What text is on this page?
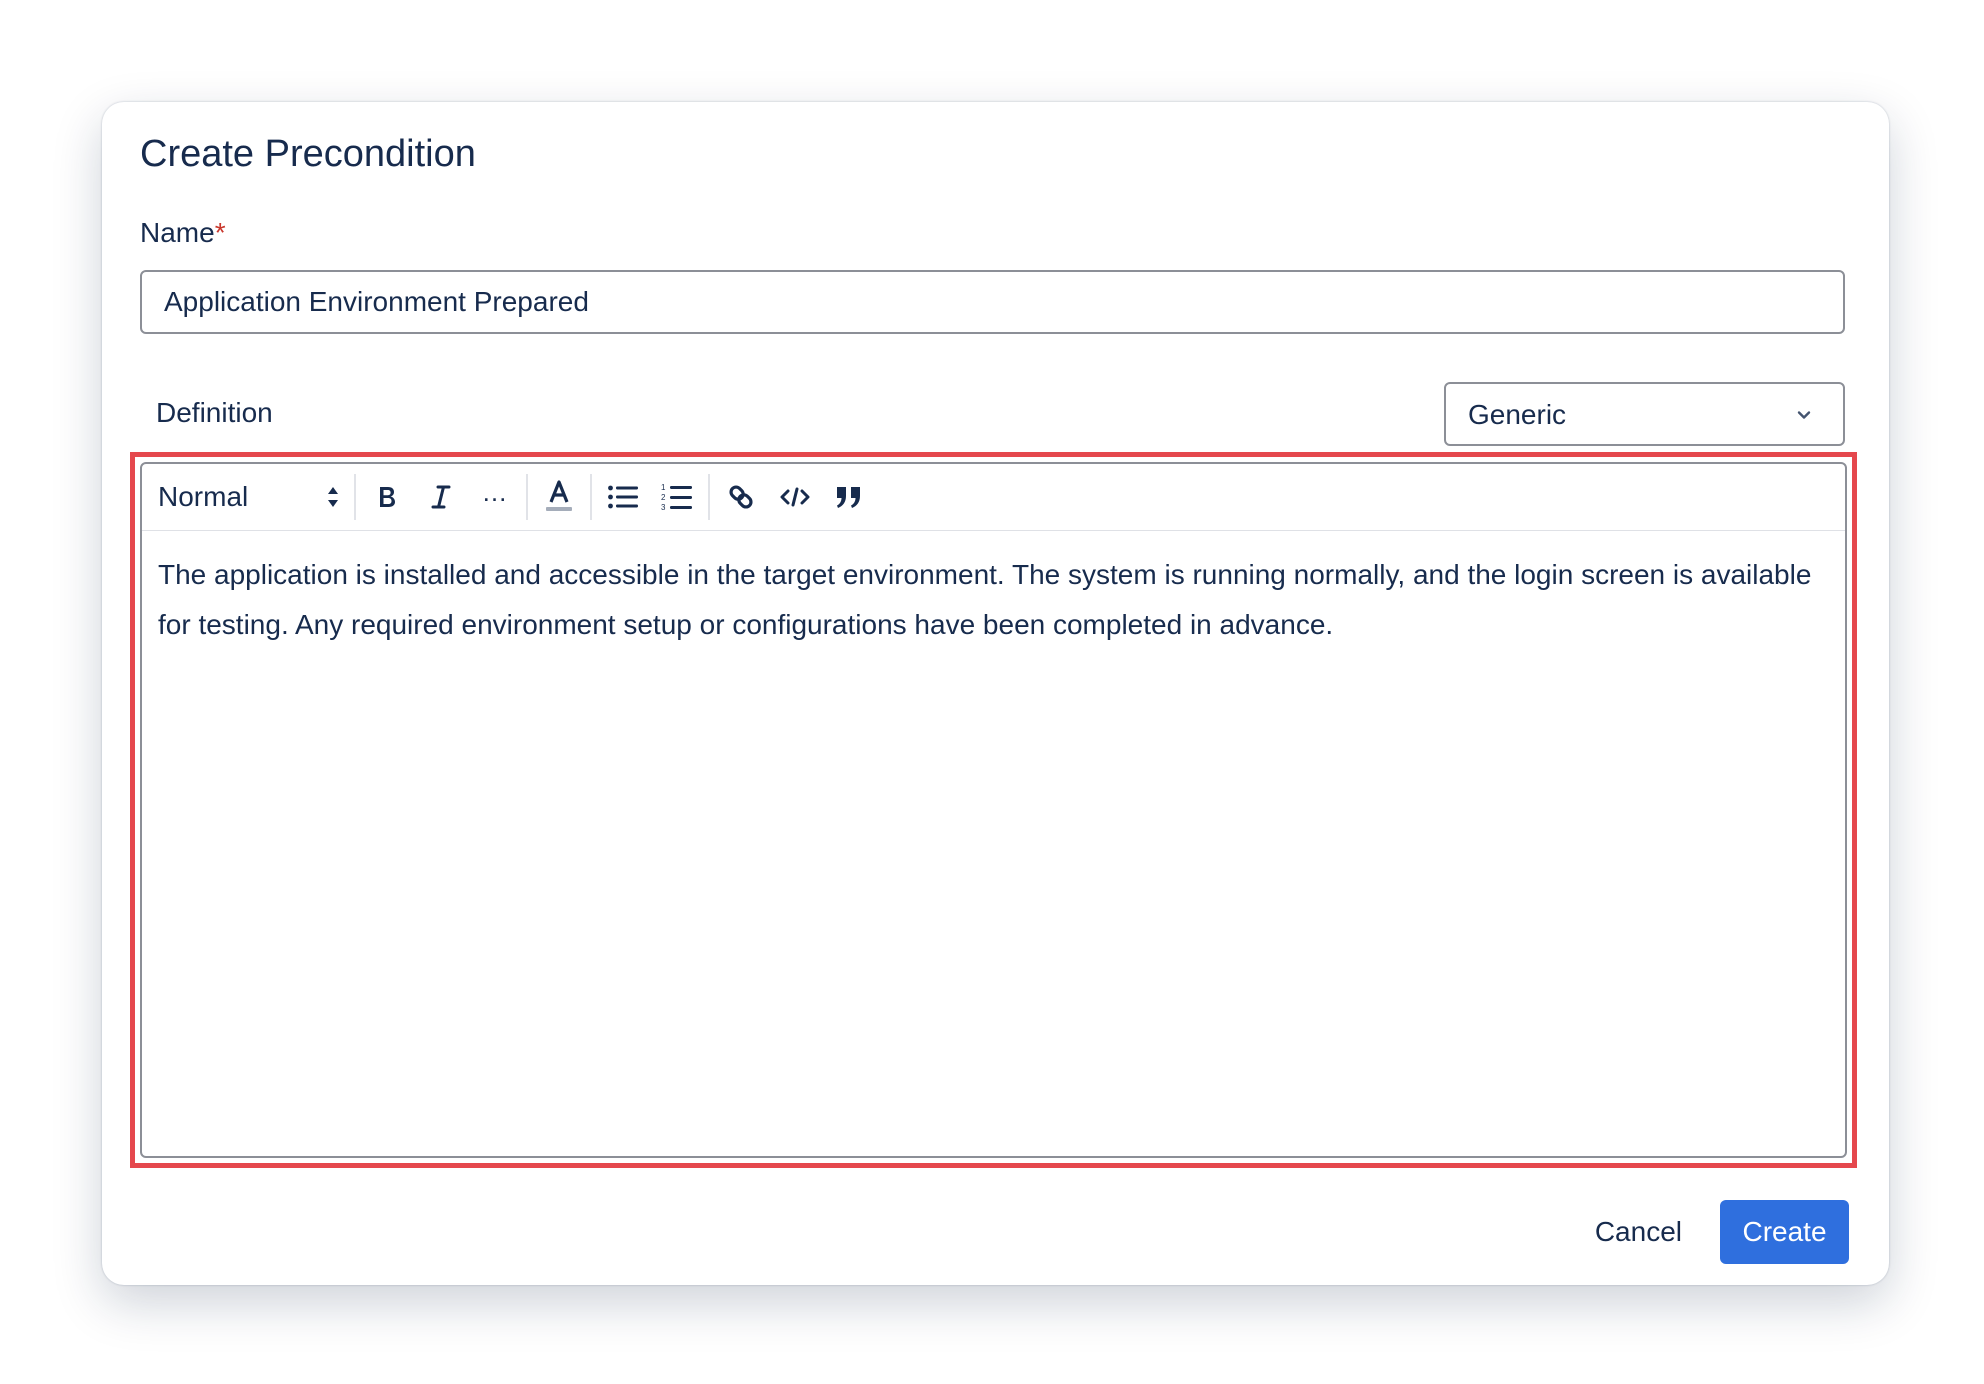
Create Precondition
Name*
Application Environment Prepared
Definition	Generic
Normal	…	1
2
3

The application is installed and accessible in the target environment. The system is running normally, and the login screen is available for testing. Any required environment setup or configurations have been completed in advance.

Cancel	Create
